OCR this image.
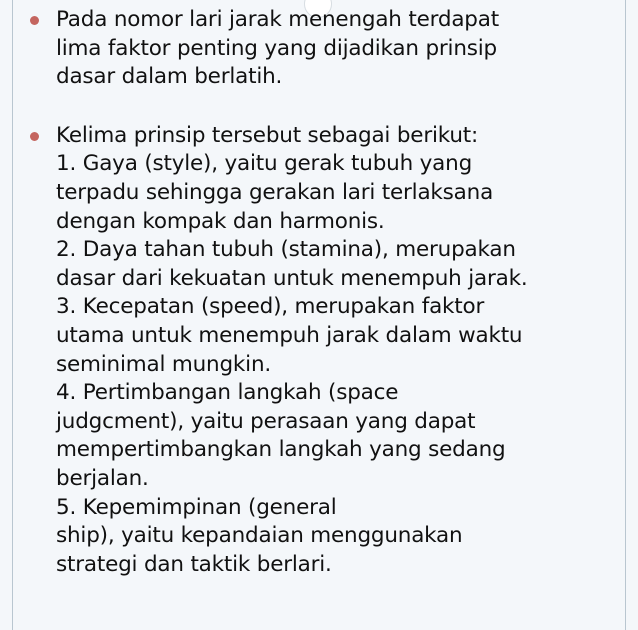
Pada nomor lari jarak menengah terdapat
lima faktor penting yang dijadikan prinsip
dasar dalam berlatih.
Kelima prinsip tersebut sebagai berikut:
1. Gaya (style), yaitu gerak tubuh yang
terpadu sehingga gerakan lari terlaksana
dengan kompak dan harmonis.
2. Daya tahan tubuh (stamina), merupakan
dasar dari kekuatan untuk menempuh jarak.
3. Kecepatan (speed), merupakan faktor
utama untuk menempuh jarak dalam waktu
seminimal mungkin.
4. Pertimbangan langkah (space
judgcment), yaitu perasaan yang dapat
mempertimbangkan langkah yang sedang
berjalan.
5. Kepemimpinan (general
ship), yaitu kepandaian menggunakan
strategi dan taktik berlari.
